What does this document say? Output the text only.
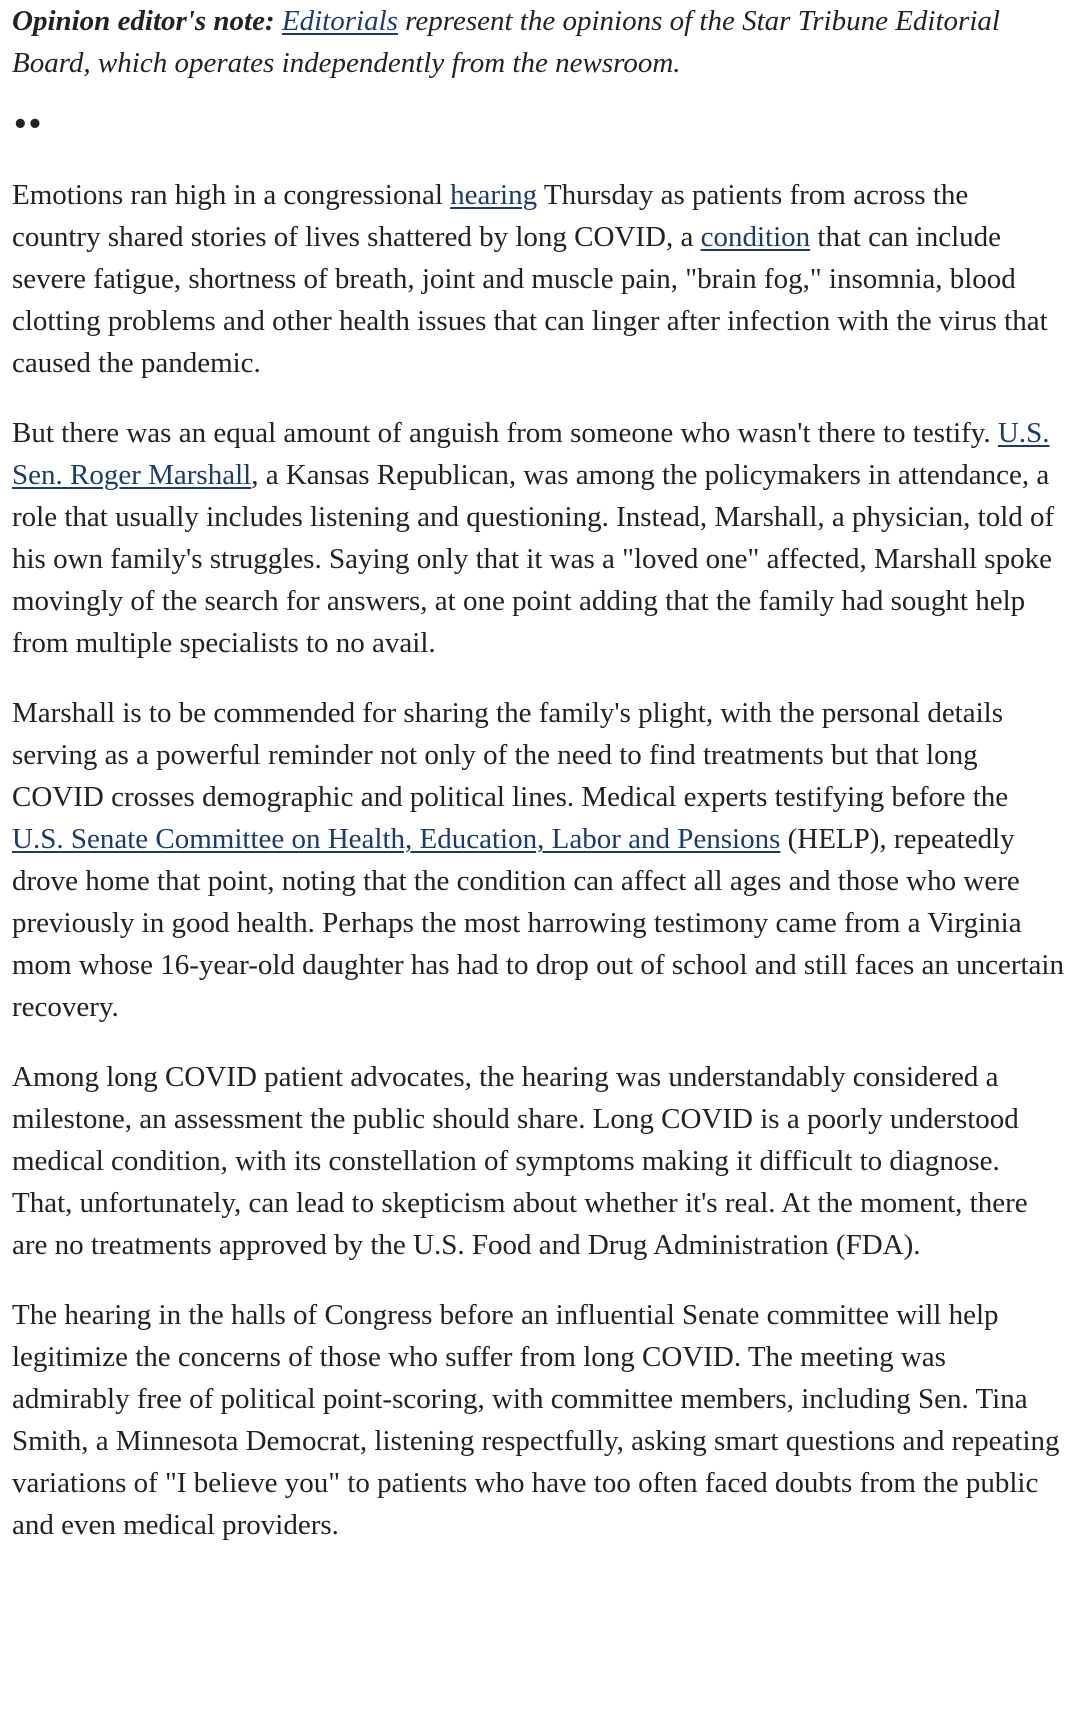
Opinion editor's note: Editorials represent the opinions of the Star Tribune Editorial Board, which operates independently from the newsroom.

••

Emotions ran high in a congressional hearing Thursday as patients from across the country shared stories of lives shattered by long COVID, a condition that can include severe fatigue, shortness of breath, joint and muscle pain, "brain fog," insomnia, blood clotting problems and other health issues that can linger after infection with the virus that caused the pandemic.

But there was an equal amount of anguish from someone who wasn't there to testify. U.S. Sen. Roger Marshall, a Kansas Republican, was among the policymakers in attendance, a role that usually includes listening and questioning. Instead, Marshall, a physician, told of his own family's struggles. Saying only that it was a "loved one" affected, Marshall spoke movingly of the search for answers, at one point adding that the family had sought help from multiple specialists to no avail.

Marshall is to be commended for sharing the family's plight, with the personal details serving as a powerful reminder not only of the need to find treatments but that long COVID crosses demographic and political lines. Medical experts testifying before the U.S. Senate Committee on Health, Education, Labor and Pensions (HELP), repeatedly drove home that point, noting that the condition can affect all ages and those who were previously in good health. Perhaps the most harrowing testimony came from a Virginia mom whose 16-year-old daughter has had to drop out of school and still faces an uncertain recovery.

Among long COVID patient advocates, the hearing was understandably considered a milestone, an assessment the public should share. Long COVID is a poorly understood medical condition, with its constellation of symptoms making it difficult to diagnose. That, unfortunately, can lead to skepticism about whether it's real. At the moment, there are no treatments approved by the U.S. Food and Drug Administration (FDA).

The hearing in the halls of Congress before an influential Senate committee will help legitimize the concerns of those who suffer from long COVID. The meeting was admirably free of political point-scoring, with committee members, including Sen. Tina Smith, a Minnesota Democrat, listening respectfully, asking smart questions and repeating variations of "I believe you" to patients who have too often faced doubts from the public and even medical providers.
